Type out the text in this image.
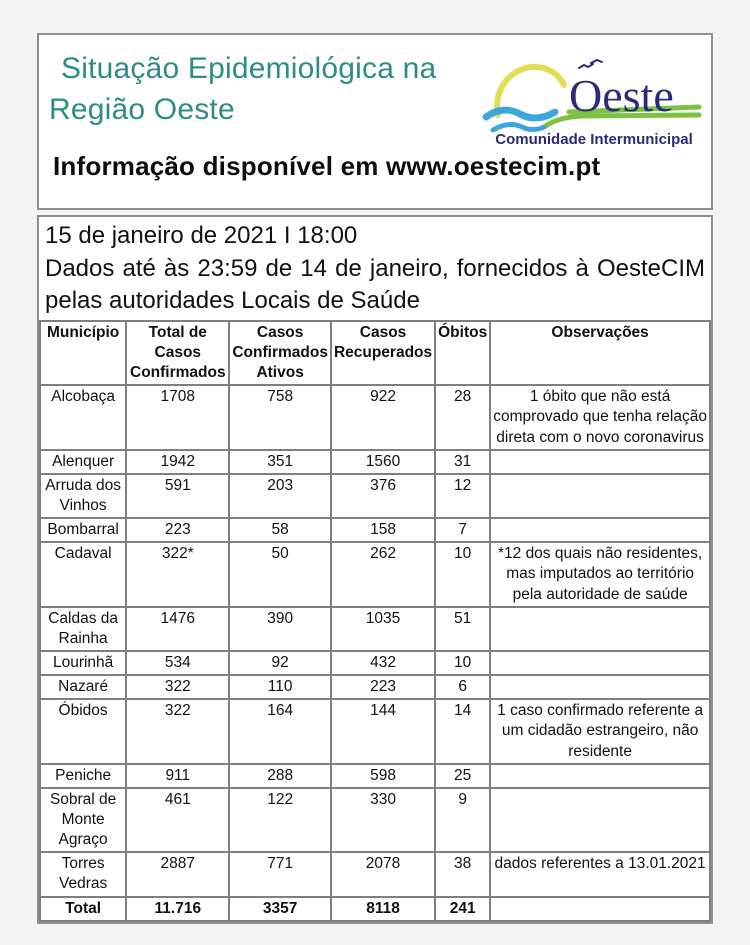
Situação Epidemiológica na
Região Oeste	Oeste
Comunidade Intermunicipal
Informação disponível em www.oestecim.pt
15 de janeiro de 2021 I 18:00
Dados até às 23:59 de 14 de janeiro, fornecidos à OesteCIM pelas autoridades Locais de Saúde
Município	Total de Casos Confirmados	Casos Confirmados Ativos	Casos Recuperados	Óbitos	Observações
Alcobaça	1708	758	922	28	1 óbito que não está comprovado que tenha relação direta com o novo coronavirus
Alenquer	1942	351	1560	31	
Arruda dos Vinhos	591	203	376	12	
Bombarral	223	58	158	7	
Cadaval	322*	50	262	10	*12 dos quais não residentes, mas imputados ao território pela autoridade de saúde
Caldas da Rainha	1476	390	1035	51	
Lourinhã	534	92	432	10	
Nazaré	322	110	223	6	
Óbidos	322	164	144	14	1 caso confirmado referente a um cidadão estrangeiro, não residente
Peniche	911	288	598	25	
Sobral de Monte Agraço	461	122	330	9	
Torres Vedras	2887	771	2078	38	dados referentes a 13.01.2021
Total	11.716	3357	8118	241	
